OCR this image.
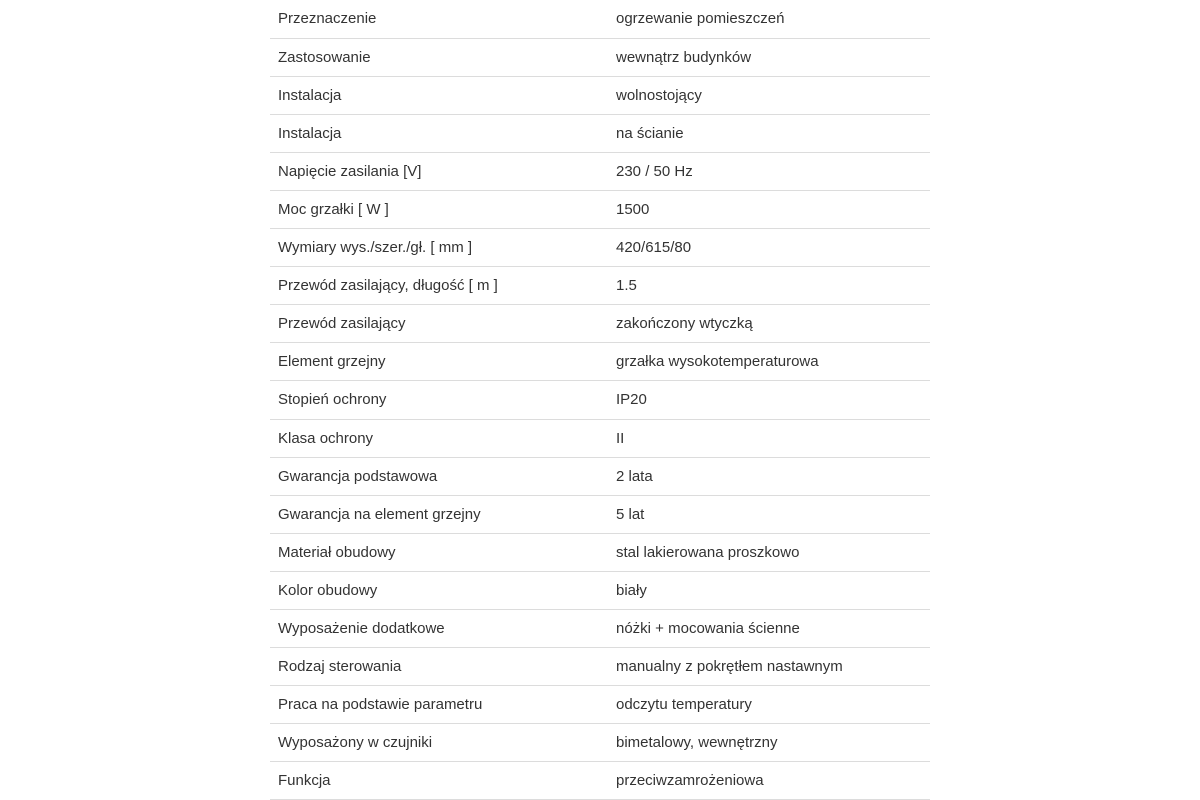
Przeznaczenie	ogrzewanie pomieszczeń
Zastosowanie	wewnątrz budynków
Instalacja	wolnostojący
Instalacja	na ścianie
Napięcie zasilania [V]	230 / 50 Hz
Moc grzałki [ W ]	1500
Wymiary wys./szer./gł. [ mm ]	420/615/80
Przewód zasilający, długość [ m ]	1.5
Przewód zasilający	zakończony wtyczką
Element grzejny	grzałka wysokotemperaturowa
Stopień ochrony	IP20
Klasa ochrony	II
Gwarancja podstawowa	2 lata
Gwarancja na element grzejny	5 lat
Materiał obudowy	stal lakierowana proszkowo
Kolor obudowy	biały
Wyposażenie dodatkowe	nóżki + mocowania ścienne
Rodzaj sterowania	manualny z pokrętłem nastawnym
Praca na podstawie parametru	odczytu temperatury
Wyposażony w czujniki	bimetalowy, wewnętrzny
Funkcja	przeciwzamrożeniowa
